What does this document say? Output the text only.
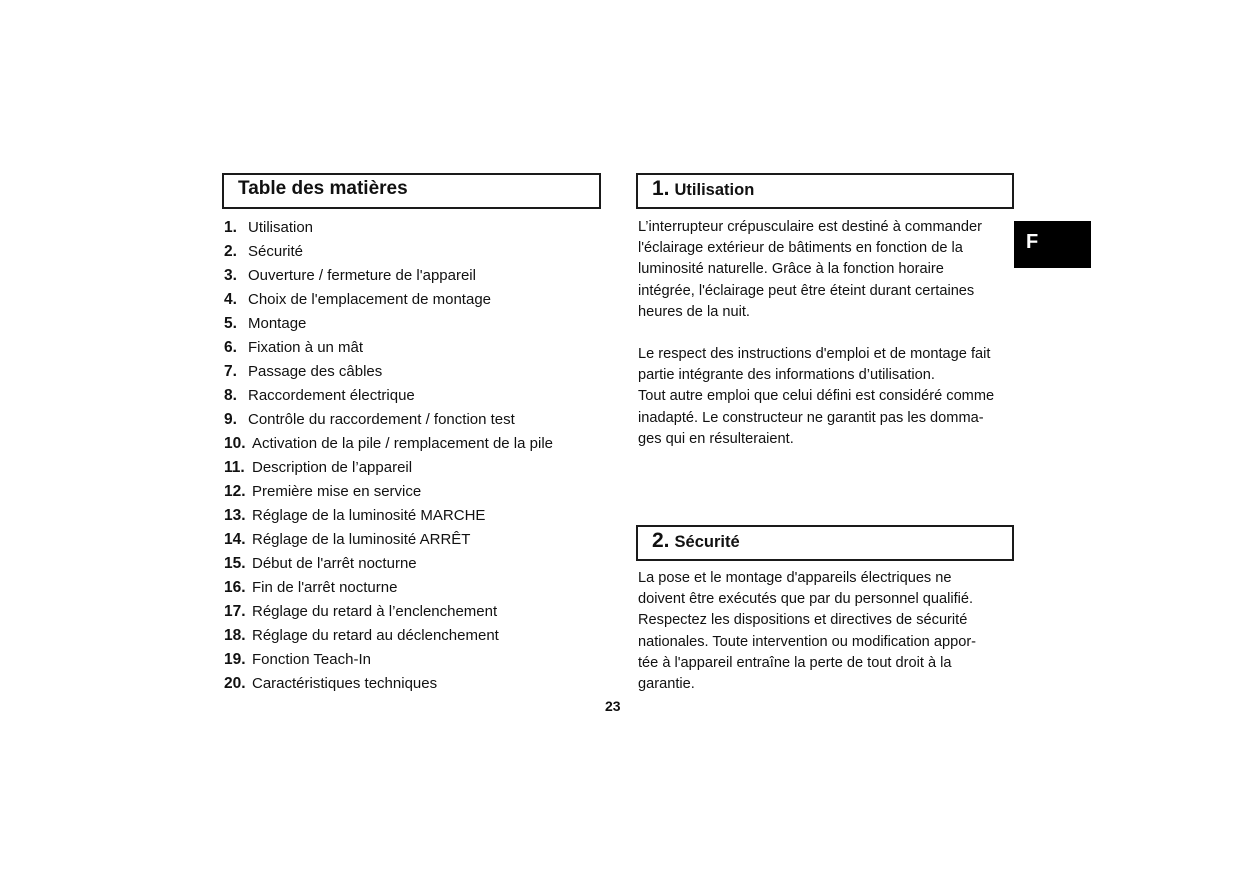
Table des matières
1. Utilisation
2. Sécurité
3. Ouverture / fermeture de l'appareil
4. Choix de l'emplacement de montage
5. Montage
6. Fixation à un mât
7. Passage des câbles
8. Raccordement électrique
9. Contrôle du raccordement / fonction test
10. Activation de la pile / remplacement de la pile
11. Description de l’appareil
12. Première mise en service
13. Réglage de la luminosité MARCHE
14. Réglage de la luminosité ARRÊT
15. Début de l'arrêt nocturne
16. Fin de l'arrêt nocturne
17. Réglage du retard à l’enclenchement
18. Réglage du retard au déclenchement
19. Fonction Teach-In
20. Caractéristiques techniques
1. Utilisation
L’interrupteur crépusculaire est destiné à commander
l'éclairage extérieur de bâtiments en fonction de la
luminosité naturelle. Grâce à la fonction horaire
intégrée, l'éclairage peut être éteint durant certaines
heures de la nuit.
Le respect des instructions d'emploi et de montage fait
partie intégrante des informations d’utilisation.
Tout autre emploi que celui défini est considéré comme
inadapté. Le constructeur ne garantit pas les domma-
ges qui en résulteraient.
F
2. Sécurité
La pose et le montage d'appareils électriques ne
doivent être exécutés que par du personnel qualifié.
Respectez les dispositions et directives de sécurité
nationales. Toute intervention ou modification appor-
tée à l'appareil entraîne la perte de tout droit à la
garantie.
23
